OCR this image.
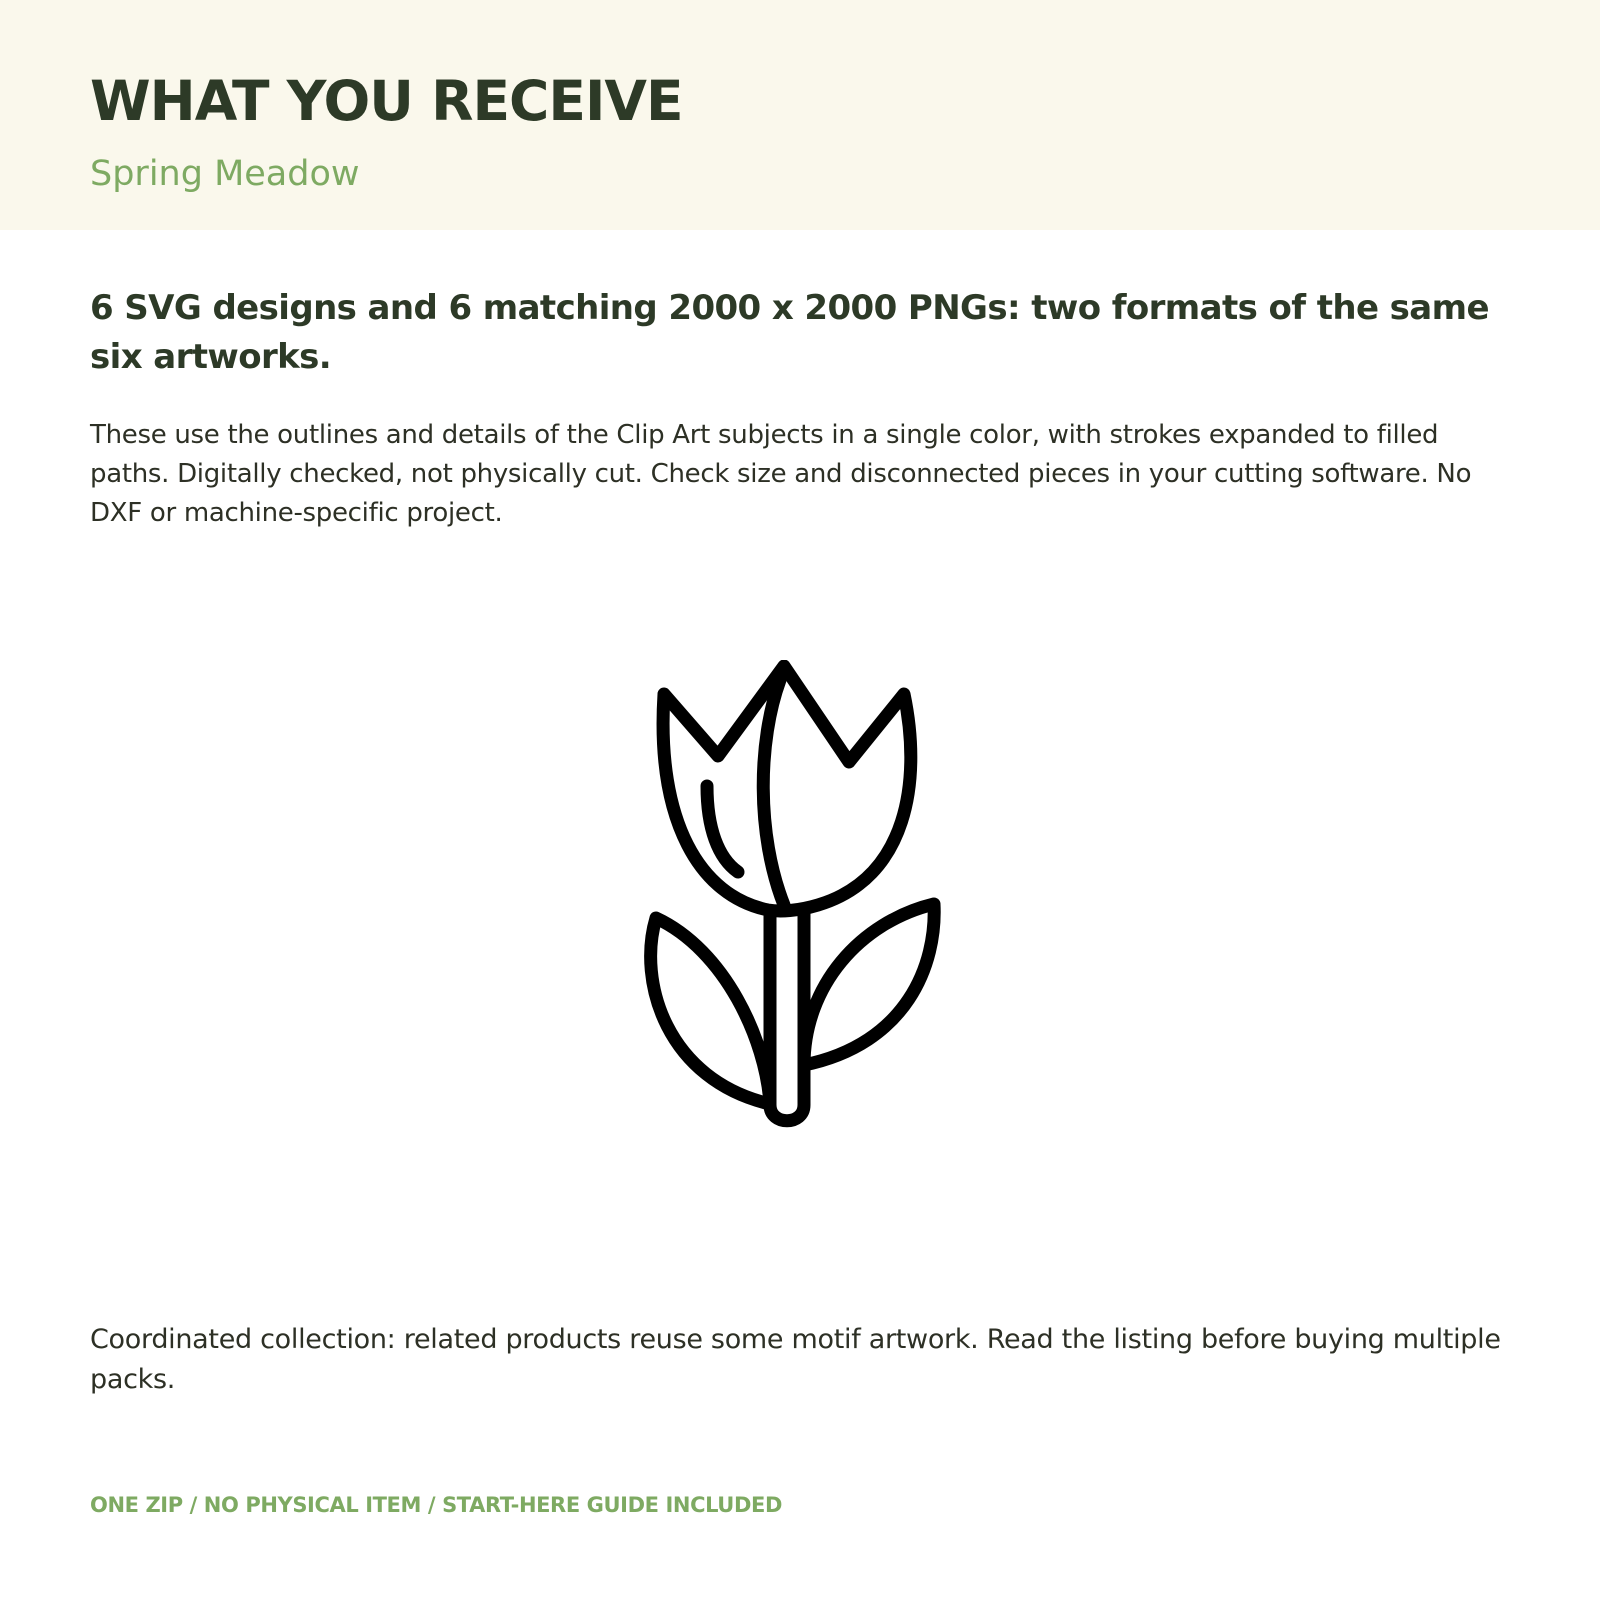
WHAT YOU RECEIVE

Spring Meadow

6 SVG designs and 6 matching 2000 x 2000 PNGs: two formats of the same six artworks.

These use the outlines and details of the Clip Art subjects in a single color, with strokes expanded to filled paths. Digitally checked, not physically cut. Check size and disconnected pieces in your cutting software. No DXF or machine-specific project.

Coordinated collection: related products reuse some motif artwork. Read the listing before buying multiple packs.

ONE ZIP / NO PHYSICAL ITEM / START-HERE GUIDE INCLUDED
